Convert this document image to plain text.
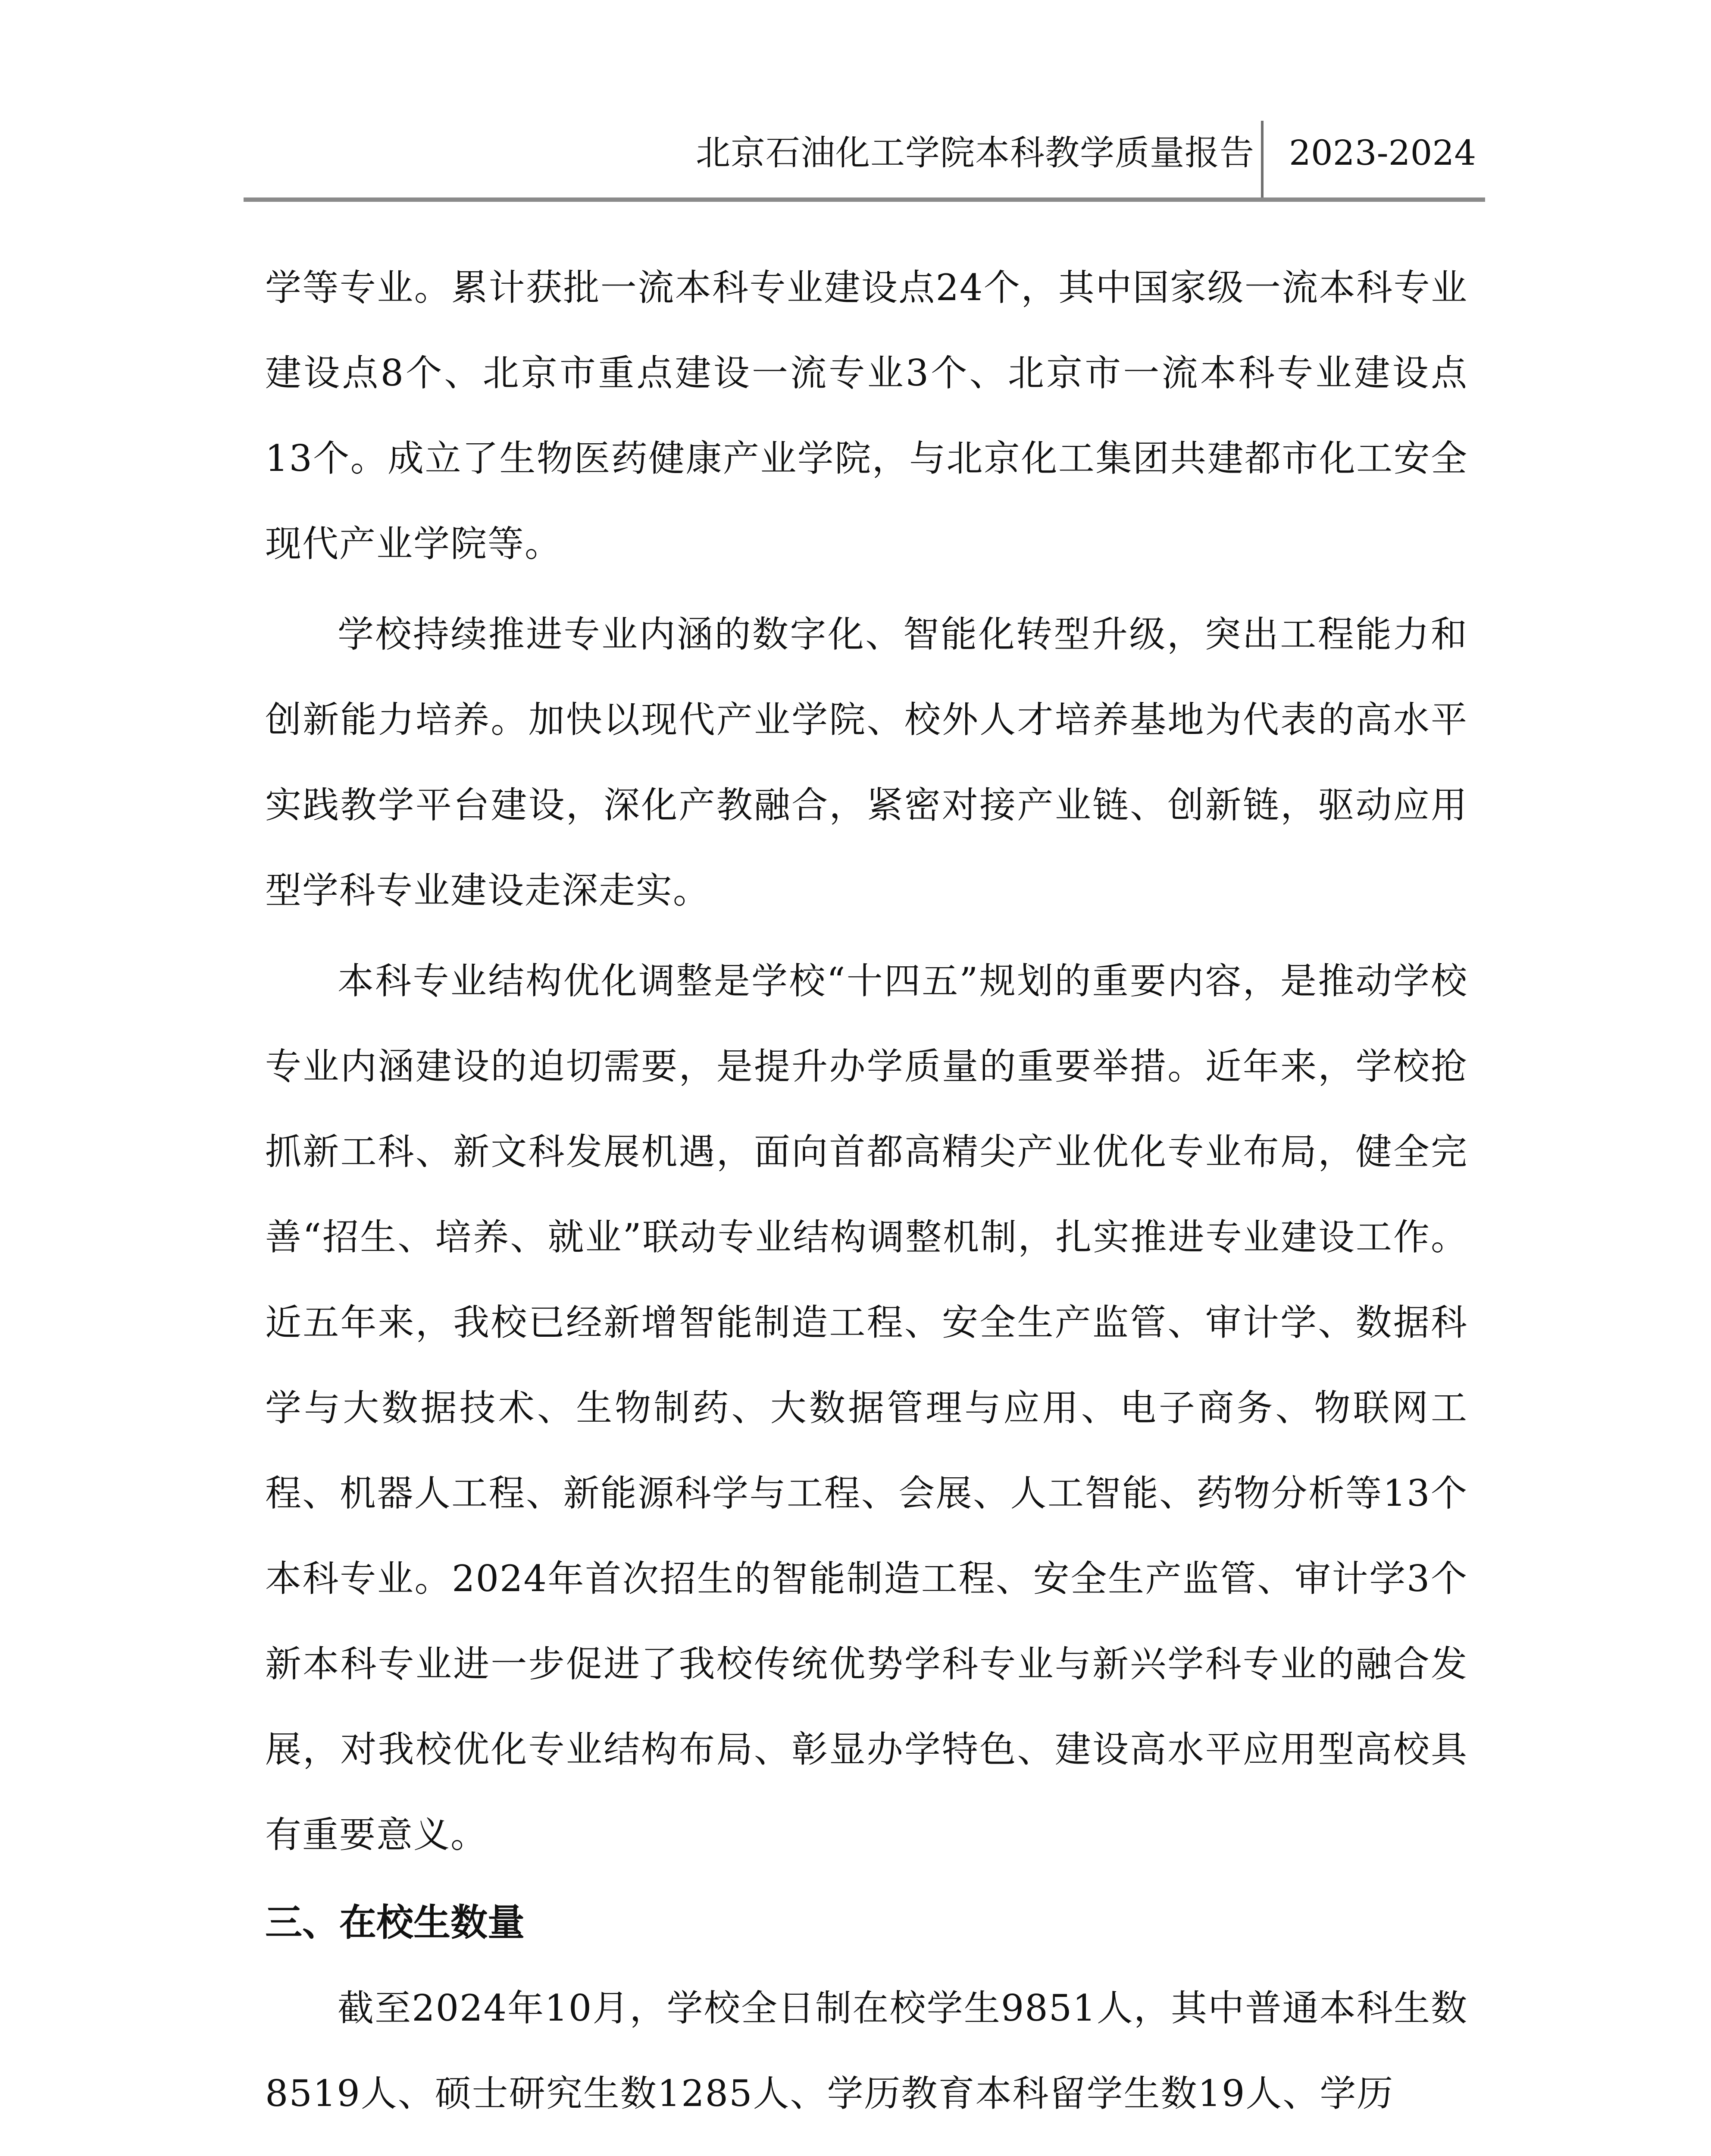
北京石油化工学院本科教学质量报告 2023-2024

学等专业。累计获批一流本科专业建设点24个，其中国家级一流本科专业建设点8个、北京市重点建设一流专业3个、北京市一流本科专业建设点13个。成立了生物医药健康产业学院，与北京化工集团共建都市化工安全现代产业学院等。

学校持续推进专业内涵的数字化、智能化转型升级，突出工程能力和创新能力培养。加快以现代产业学院、校外人才培养基地为代表的高水平实践教学平台建设，深化产教融合，紧密对接产业链、创新链，驱动应用型学科专业建设走深走实。

本科专业结构优化调整是学校“十四五”规划的重要内容，是推动学校专业内涵建设的迫切需要，是提升办学质量的重要举措。近年来，学校抢抓新工科、新文科发展机遇，面向首都高精尖产业优化专业布局，健全完善“招生、培养、就业”联动专业结构调整机制，扎实推进专业建设工作。近五年来，我校已经新增智能制造工程、安全生产监管、审计学、数据科学与大数据技术、生物制药、大数据管理与应用、电子商务、物联网工程、机器人工程、新能源科学与工程、会展、人工智能、药物分析等13个本科专业。2024年首次招生的智能制造工程、安全生产监管、审计学3个新本科专业进一步促进了我校传统优势学科专业与新兴学科专业的融合发展，对我校优化专业结构布局、彰显办学特色、建设高水平应用型高校具有重要意义。

三、在校生数量

截至2024年10月，学校全日制在校学生9851人，其中普通本科生数8519人、硕士研究生数1285人、学历教育本科留学生数19人、学历
